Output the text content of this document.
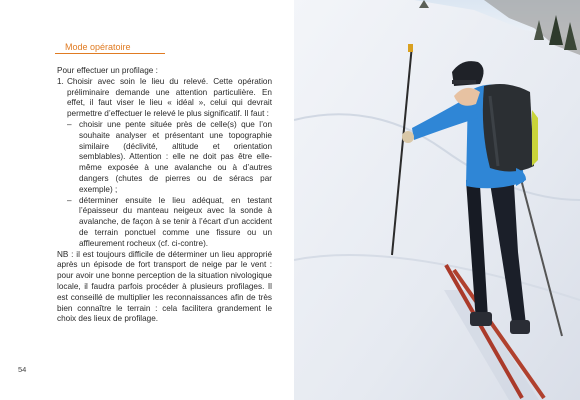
Mode opératoire

Pour effectuer un profilage :

1. Choisir avec soin le lieu du relevé. Cette opération préliminaire demande une attention particulière. En effet, il faut viser le lieu « idéal », celui qui devrait permettre d’effectuer le relevé le plus significatif. Il faut :

– choisir une pente située près de celle(s) que l’on souhaite analyser et présentant une topographie similaire (déclivité, altitude et orientation semblables). Attention : elle ne doit pas être elle-même exposée à une avalanche ou à d’autres dangers (chutes de pierres ou de séracs par exemple) ;

– déterminer ensuite le lieu adéquat, en testant l’épaisseur du manteau neigeux avec la sonde à avalanche, de façon à se tenir à l’écart d’un accident de terrain ponctuel comme une fissure ou un affleurement rocheux (cf. ci-contre).

NB : il est toujours difficile de déterminer un lieu approprié après un épisode de fort transport de neige par le vent : pour avoir une bonne perception de la situation nivologique locale, il faudra parfois procéder à plusieurs profilages. Il est conseillé de multiplier les reconnaissances afin de très bien connaître le terrain : cela facilitera grandement le choix des lieux de profilage.

54
